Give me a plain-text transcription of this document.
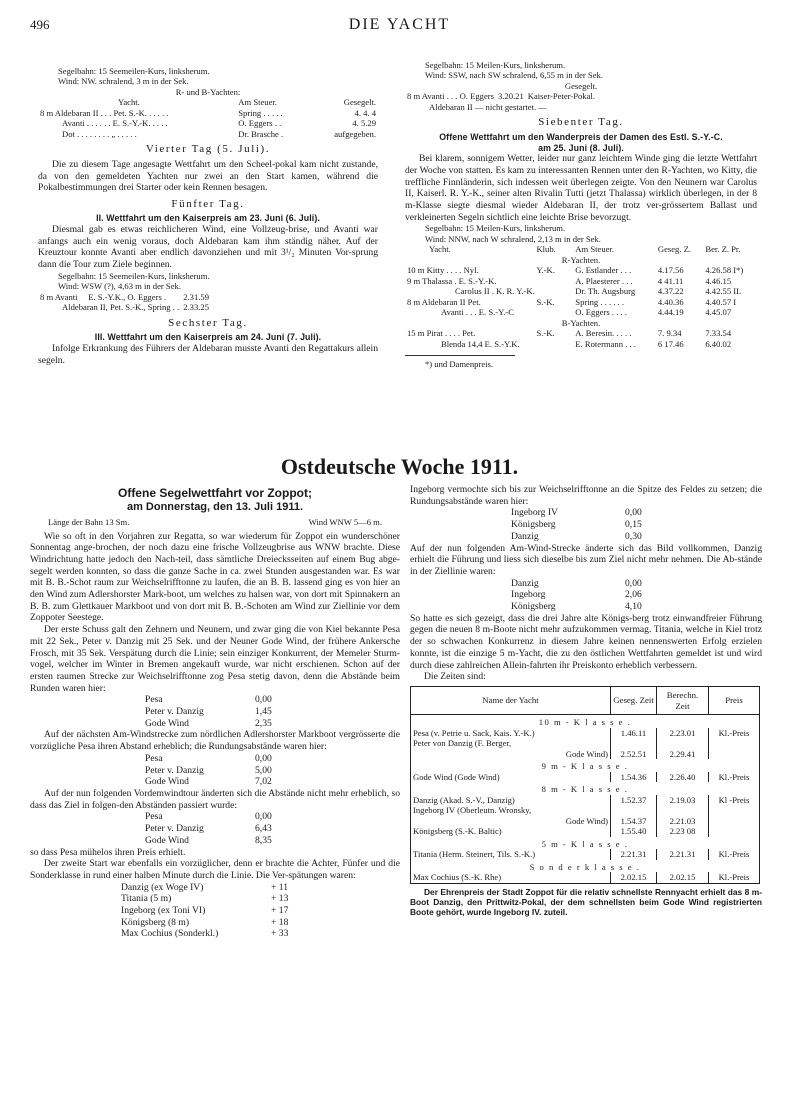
496	DIE YACHT
Segelbahn: 15 Seemeilen-Kurs, linksherum.
Wind: NW. schralend, 3 m in der Sek.
R- und B-Yachten:
Yacht.	Am Steuer.	Gesegelt.
8 m Aldebaran II . . . Pet. S.-K. . . . . .	Spring . . . . .	4. 4. 4
Avanti . . . . . . E. S.-Y.-K. . . . .	O. Eggers . .	4. 5.29
Dot . . . . . . . . „ . . . . .	Dr. Brasche .	aufgegeben.
Vierter Tag (5. Juli).

Die zu diesem Tage angesagte Wettfahrt um den Scheel-pokal kam nicht zustande, da von den gemeldeten Yachten nur zwei an den Start kamen, während die Pokalbestimmungen drei Starter oder kein Rennen besagen.

Fünfter Tag.
II. Wettfahrt um den Kaiserpreis am 23. Juni (6. Juli).

Diesmal gab es etwas reichlicheren Wind, eine Vollzeug-brise, und Avanti war anfangs auch ein wenig voraus, doch Aldebaran kam ihm ständig näher. Auf der Kreuztour konnte Avanti aber endlich davonziehen und mit 3¹/₂ Minuten Vor-sprung dann die Tour zum Ziele beginnen.

Segelbahn: 15 Seemeilen-Kurs, linksherum.
Wind: WSW (?), 4,63 m in der Sek.
8 m Avanti	E. S.-Y.K., O. Eggers .	2.31.59
Aldebaran II, Pet. S.-K., Spring . .		2.33.25
Sechster Tag.
III. Wettfahrt um den Kaiserpreis am 24. Juni (7. Juli).

Infolge Erkrankung des Führers der Aldebaran musste Avanti den Regattakurs allein segeln.

Segelbahn: 15 Meilen-Kurs, linksherum.
Wind: SSW, nach SW schralend, 6,55 m in der Sek.
Gesegelt.
8 m Avanti . . . O. Eggers	3.20.21	Kaiser-Peter-Pokal.
Aldebaran II — nicht gestartet. —
Siebenter Tag.
Offene Wettfahrt um den Wanderpreis der Damen des Estl. S.-Y.-C.
am 25. Juni (8. Juli).

Bei klarem, sonnigem Wetter, leider nur ganz leichtem Winde ging die letzte Wettfahrt der Woche von statten. Es kam zu interessanten Rennen unter den R-Yachten, wo Kitty, die treffliche Finnländerin, sich indessen weit überlegen zeigte. Von den Neunern war Carolus II, Kaiserl. R. Y.-K., seiner alten Rivalin Tutti (jetzt Thalassa) wirklich überlegen, in der 8 m-Klasse siegte diesmal wieder Aldebaran II, der trotz ver-grössertem Ballast und verkleinerten Segeln sichtlich eine leichte Brise bevorzugt.

Segelbahn: 15 Meilen-Kurs, linksherum.
Wind: NNW, nach W schralend, 2,13 m in der Sek.
Yacht.	Klub.	Am Steuer.	Geseg. Z.	Ber. Z. Pr.
R-Yachten.				
10 m Kitty . . . . Nyl.	Y.-K.	G. Estlander . . .	4.17.56	4.26.58 I*)
9 m Thalassa . E. S.-Y.-K.		A. Plaesterer . . .	4 41.11	4.46.15
Carolus II . K. R. Y.-K.		Dr. Th. Augsburg	4.37.22	4.42.55 II.
8 m Aldebaran II Pet.	S.-K.	Spring . . . . . .	4.40.36	4.40.57 I
Avanti . . . E. S.-Y.-C		O. Eggers . . . .	4.44.19	4.45.07
B-Yachten.				
15 m Pirat . . . . Pet.	S.-K.	A. Beresin. . . . .	7. 9.34	7.33.54
Blenda 14,4 E. S.-Y.K.		E. Rotermann . . .	6 17.46	6.40.02
*) und Damenpreis.
Ostdeutsche Woche 1911.
Offene Segelwettfahrt vor Zoppot;
am Donnerstag, den 13. Juli 1911.
Länge der Bahn 13 Sm.	Wind WNW 5—6 m.

Wie so oft in den Vorjahren zur Regatta, so war wiederum für Zoppot ein wunderschöner Sonnentag ange-brochen, der noch dazu eine frische Vollzeugbrise aus WNW brachte. Diese Windrichtung hatte jedoch den Nach-teil, dass sämtliche Dreiecksseiten auf einem Bug abge-segelt werden konnten, so dass die ganze Sache in ca. zwei Stunden ausgestanden war. Es war mit B. B.-Schot raum zur Weichselrifftonne zu laufen, die an B. B. lassend ging es von hier an den Wind zum Adlershorster Mark-boot, um welches zu halsen war, von dort mit Spinnakern an B. B. zum Glettkauer Markboot und von dort mit B. B.-Schoten am Wind zur Ziellinie vor dem Zoppoter Seestege.

Der erste Schuss galt den Zehnern und Neunern, und zwar ging die von Kiel bekannte Pesa mit 22 Sek., Peter v. Danzig mit 25 Sek. und der Neuner Gode Wind, der frühere Ankersche Frosch, mit 35 Sek. Verspätung durch die Linie; sein einziger Konkurrent, der Memeler Sturm-vogel, welcher im Winter in Bremen angekauft wurde, war nicht erschienen. Schon auf der ersten raumen Strecke zur Weichselrifftonne zog Pesa stetig davon, denn die Abstände beim Runden waren hier:

Pesa	0,00
Peter v. Danzig	1,45
Gode Wind	2,35

Auf der nächsten Am-Windstrecke zum nördlichen Adlershorster Markboot vergrösserte die vorzügliche Pesa ihren Abstand erheblich; die Rundungsabstände waren hier:

Pesa	0,00
Peter v. Danzig	5,00
Gode Wind	7,02

Auf der nun folgenden Vordemwindtour änderten sich die Abstände nicht mehr erheblich, so dass das Ziel in folgen-den Abständen passiert wurde:

Pesa	0,00
Peter v. Danzig	6,43
Gode Wind	8,35

so dass Pesa mühelos ihren Preis erhielt.

Der zweite Start war ebenfalls ein vorzüglicher, denn er brachte die Achter, Fünfer und die Sonderklasse in rund einer halben Minute durch die Linie. Die Ver-spätungen waren:

Danzig (ex Woge IV)	+ 11
Titania (5 m)	+ 13
Ingeborg (ex Toni VI)	+ 17
Königsberg (8 m)	+ 18
Max Cochius (Sonderkl.)	+ 33

Ingeborg vermochte sich bis zur Weichselrifftonne an die Spitze des Feldes zu setzen; die Rundungsabstände waren hier:

Ingeborg IV	0,00
Königsberg	0,15
Danzig	0,30

Auf der nun folgenden Am-Wind-Strecke änderte sich das Bild vollkommen, Danzig erhielt die Führung und liess sich dieselbe bis zum Ziel nicht mehr nehmen. Die Ab-stände in der Ziellinie waren:

Danzig	0,00
Ingeborg	2,06
Königsberg	4,10

So hatte es sich gezeigt, dass die drei Jahre alte Königs-berg trotz einwandfreier Führung gegen die neuen 8 m-Boote nicht mehr aufzukommen vermag. Titania, welche in Kiel trotz der so schwachen Konkurrenz in diesem Jahre keinen nennenswerten Erfolg erzielen konnte, ist die einzige 5 m-Yacht, die zu den östlichen Wettfahrten gemeldet ist und wird durch diese zahlreichen Allein-fahrten ihr Preiskonto erheblich verbessern.

Die Zeiten sind:

Name der Yacht	Geseg. Zeit	Berechn. Zeit	Preis
10 m - K l a s s e .			
Pesa (v. Petrie u. Sack, Kais. Y.-K.)	1.46.11	2.23.01	Kl.-Preis
Peter von Danzig (F. Berger,			
Gode Wind)	2.52.51	2.29.41	
9 m - K l a s s e .			
Gode Wind (Gode Wind)	1.54.36	2.26.40	Kl.-Preis
8 m - K l a s s e .			
Danzig (Akad. S.-V., Danzig)	1.52.37	2.19.03	Kl -Preis
Ingeborg IV (Oberleutn. Wronsky,			
Gode Wind)	1.54.37	2.21.03	
Königsberg (S.-K. Baltic)	1.55.40	2.23 08	
5 m - K l a s s e .			
Titania (Herm. Steinert, Tils. S.-K.)	2.21.31	2.21.31	Kl.-Preis
S o n d e r k l a s s e .			
Max Cochius (S.-K. Rhe)	2.02.15	2.02.15	Kl.-Preis

Der Ehrenpreis der Stadt Zoppot für die relativ schnellste Rennyacht erhielt das 8 m-Boot Danzig, den Prittwitz-Pokal, der dem schnellsten beim Gode Wind registrierten Boote gehört, wurde Ingeborg IV. zuteil.
